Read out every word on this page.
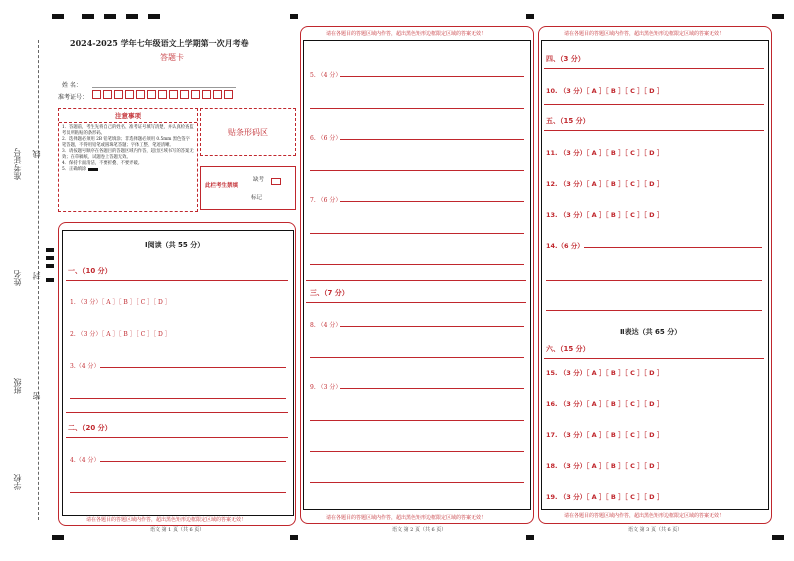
准考证号 线
姓名 封
班级
密
学校
2024-2025 学年七年级语文上学期第一次月考卷
答题卡
姓 名：
准考证号：
注意事项
1．答题前，考生先将自己的姓名、准考证号填写清楚，并认真检查监考员所粘贴的条形码。
2．选择题必须用 2B 铅笔填涂；非选择题必须用 0.5mm 黑色签字笔答题，不得用铅笔或圆珠笔答题；字体工整、笔迹清晰。
3．请按题号顺序在各题目的答题区域内作答，超出区域书写的答案无效；在草稿纸、试题卷上答题无效。
4．保持卡面清洁，不要折叠、不要弄破。
5．正确填涂
贴条形码区
此栏考生禁填
缺考
标记
Ⅰ阅读（共 55 分）
一、（10 分）
1. （3 分）［ A ］［ B ］［ C ］［ D ］
2. （3 分）［ A ］［ B ］［ C ］［ D ］
3.（4 分）
二、（20 分）
4.（4 分）
请在各题目的答题区域内作答，超出黑色矩形边框限定区域的答案无效！
语文 第 1 页（共 6 页）
请在各题目的答题区域内作答，超出黑色矩形边框限定区域的答案无效！
5. （4 分）
6. （6 分）
7. （6 分）
三、（7 分）
8. （4 分）
9. （3 分）
请在各题目的答题区域内作答，超出黑色矩形边框限定区域的答案无效！
语文 第 2 页（共 6 页）
请在各题目的答题区域内作答，超出黑色矩形边框限定区域的答案无效！
四、（3 分）
10. （3 分）［ A ］［ B ］［ C ］［ D ］
五、（15 分）
11. （3 分）［ A ］［ B ］［ C ］［ D ］
12. （3 分）［ A ］［ B ］［ C ］［ D ］
13. （3 分）［ A ］［ B ］［ C ］［ D ］
14.（6 分）
Ⅱ表达（共 65 分）
六、（15 分）
15. （3 分）［ A ］［ B ］［ C ］［ D ］
16. （3 分）［ A ］［ B ］［ C ］［ D ］
17. （3 分）［ A ］［ B ］［ C ］［ D ］
18. （3 分）［ A ］［ B ］［ C ］［ D ］
19. （3 分）［ A ］［ B ］［ C ］［ D ］
请在各题目的答题区域内作答，超出黑色矩形边框限定区域的答案无效！
语文 第 3 页（共 6 页）
